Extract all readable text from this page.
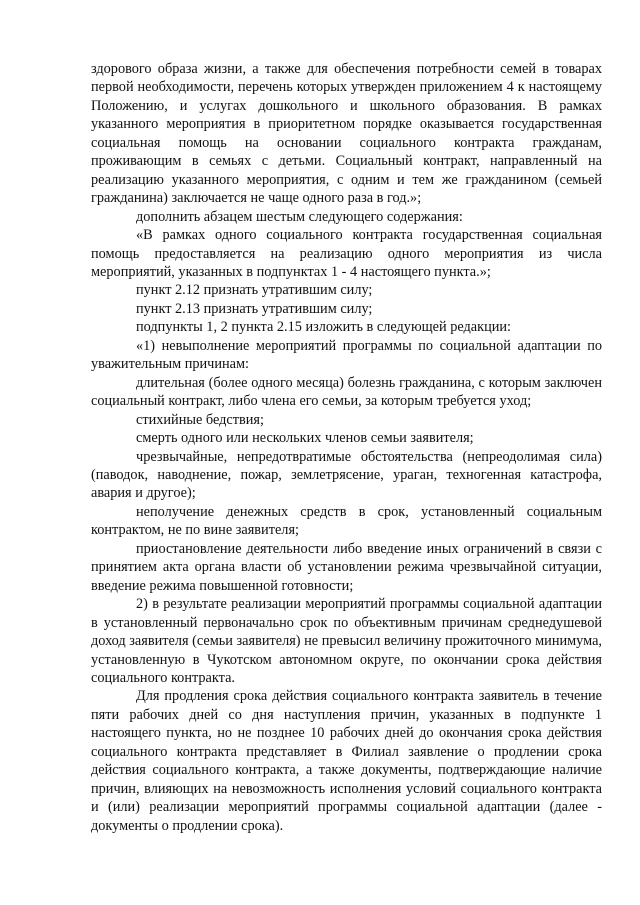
здорового образа жизни, а также для обеспечения потребности семей в товарах первой необходимости, перечень которых утвержден приложением 4 к настоящему Положению, и услугах дошкольного и школьного образования. В рамках указанного мероприятия в приоритетном порядке оказывается государственная социальная помощь на основании социального контракта гражданам, проживающим в семьях с детьми. Социальный контракт, направленный на реализацию указанного мероприятия, с одним и тем же гражданином (семьей гражданина) заключается не чаще одного раза в год.»;

дополнить абзацем шестым следующего содержания:

«В рамках одного социального контракта государственная социальная помощь предоставляется на реализацию одного мероприятия из числа мероприятий, указанных в подпунктах 1 - 4 настоящего пункта.»;

пункт 2.12 признать утратившим силу;

пункт 2.13 признать утратившим силу;

подпункты 1, 2 пункта 2.15 изложить в следующей редакции:

«1) невыполнение мероприятий программы по социальной адаптации по уважительным причинам:

длительная (более одного месяца) болезнь гражданина, с которым заключен социальный контракт, либо члена его семьи, за которым требуется уход;

стихийные бедствия;

смерть одного или нескольких членов семьи заявителя;

чрезвычайные, непредотвратимые обстоятельства (непреодолимая сила) (паводок, наводнение, пожар, землетрясение, ураган, техногенная катастрофа, авария и другое);

неполучение денежных средств в срок, установленный социальным контрактом, не по вине заявителя;

приостановление деятельности либо введение иных ограничений в связи с принятием акта органа власти об установлении режима чрезвычайной ситуации, введение режима повышенной готовности;

2) в результате реализации мероприятий программы социальной адаптации в установленный первоначально срок по объективным причинам среднедушевой доход заявителя (семьи заявителя) не превысил величину прожиточного минимума, установленную в Чукотском автономном округе, по окончании срока действия социального контракта.

Для продления срока действия социального контракта заявитель в течение пяти рабочих дней со дня наступления причин, указанных в подпункте 1 настоящего пункта, но не позднее 10 рабочих дней до окончания срока действия социального контракта представляет в Филиал заявление о продлении срока действия социального контракта, а также документы, подтверждающие наличие причин, влияющих на невозможность исполнения условий социального контракта и (или) реализации мероприятий программы социальной адаптации (далее - документы о продлении срока).
